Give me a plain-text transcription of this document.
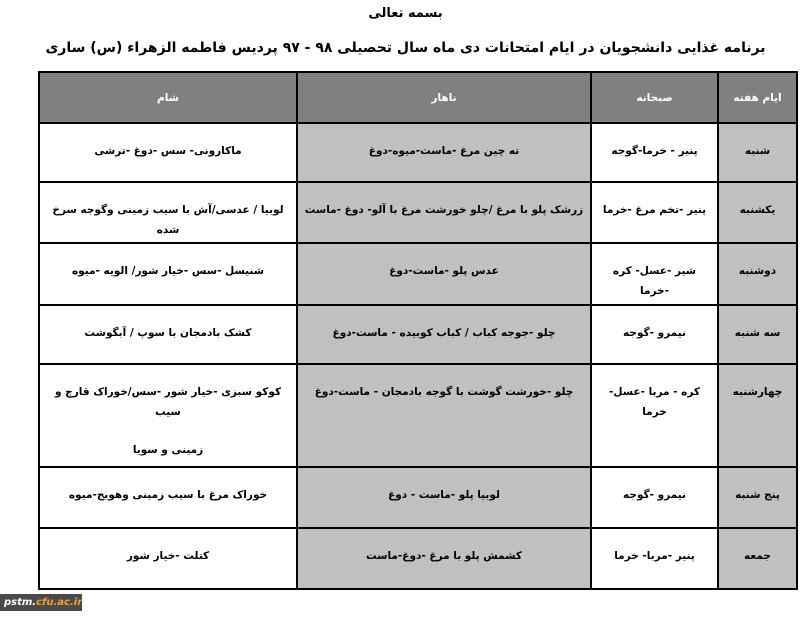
بسمه تعالی
برنامه غذایی دانشجویان در ایام امتحانات دی ماه سال تحصیلی ۹۸ - ۹۷ پردیس فاطمه الزهراء (س) ساری
ایام هفته	صبحانه	ناهار	شام
شنبه	پنیر - خرما-گوجه	ته چین مرغ -ماست-میوه-دوغ	ماکارونی- سس -دوغ -ترشی
یکشنبه	پنیر -تخم مرغ -خرما	زرشک پلو با مرغ /چلو خورشت مرغ با آلو- دوغ -ماست	لوبیا / عدسی/آش با سیب زمینی وگوجه سرخ شده
دوشنبه	شیر -عسل- کره -خرما	عدس پلو -ماست-دوغ	شنیسل -سس -خیار شور/ الویه -میوه
سه شنبه	نیمرو -گوجه	چلو -جوجه کباب / کباب کوبیده - ماست-دوغ	کشک بادمجان با سوپ / آبگوشت
چهارشنبه	کره - مربا -عسل-خرما	چلو -خورشت گوشت با گوجه بادمجان - ماست-دوغ	کوکو سبزی -خیار شور -سس/خوراک قارچ و سیب
زمینی و سویا

پنج شنبه	نیمرو -گوجه	لوبیا پلو -ماست - دوغ	خوراک مرغ با سیب زمینی وهویج-میوه
جمعه	پنیر -مربا- خرما	کشمش پلو با مرغ -دوغ-ماست	کتلت -خیار شور
pstm.cfu.ac.ir
